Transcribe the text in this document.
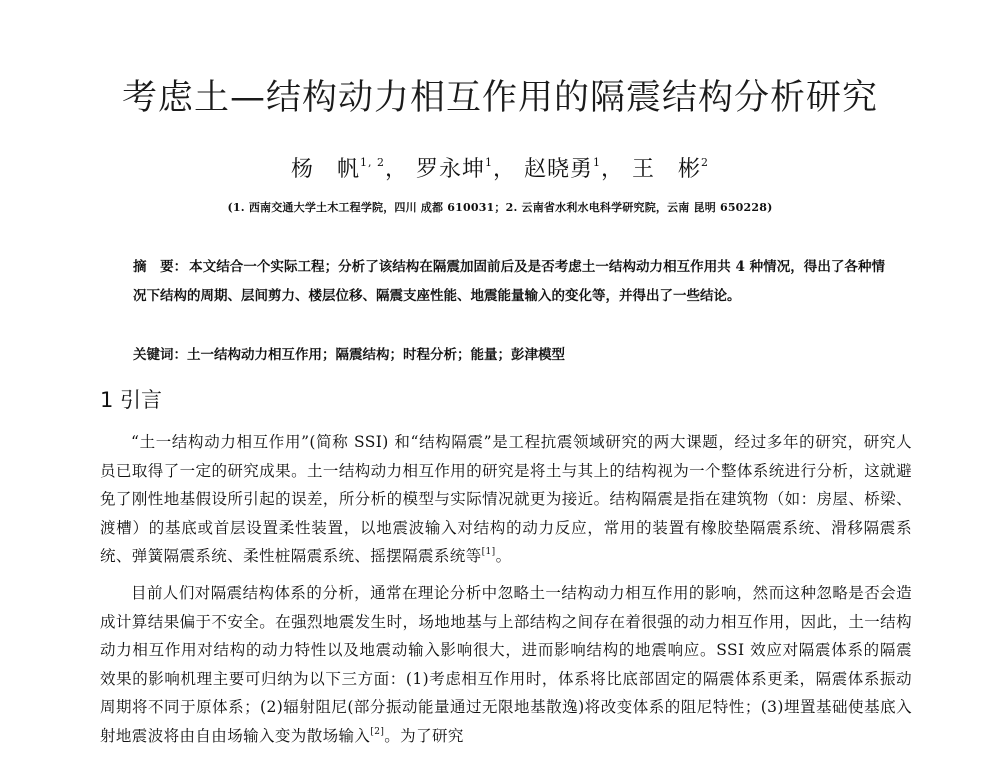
考虑土—结构动力相互作用的隔震结构分析研究

杨　帆$^{1, 2}$， 罗永坤$^1$， 赵晓勇$^1$， 王　彬$^2$

(1. 西南交通大学土木工程学院，四川 成都 610031；2. 云南省水利水电科学研究院，云南 昆明 650228)

摘　要： 本文结合一个实际工程；分析了该结构在隔震加固前后及是否考虑土一结构动力相互作用共 4 种情况，得出了各种情况下结构的周期、层间剪力、楼层位移、隔震支座性能、地震能量输入的变化等，并得出了一些结论。

关键词：土一结构动力相互作用；隔震结构；时程分析；能量；彭津模型

1 引言

“土一结构动力相互作用”(简称 SSI) 和“结构隔震”是工程抗震领域研究的两大课题，经过多年的研究，研究人员已取得了一定的研究成果。土一结构动力相互作用的研究是将土与其上的结构视为一个整体系统进行分析，这就避免了刚性地基假设所引起的误差，所分析的模型与实际情况就更为接近。结构隔震是指在建筑物（如：房屋、桥梁、渡槽）的基底或首层设置柔性装置，以地震波输入对结构的动力反应，常用的装置有橡胶垫隔震系统、滑移隔震系统、弹簧隔震系统、柔性桩隔震系统、摇摆隔震系统等[1]。

目前人们对隔震结构体系的分析，通常在理论分析中忽略土一结构动力相互作用的影响，然而这种忽略是否会造成计算结果偏于不安全。在强烈地震发生时，场地地基与上部结构之间存在着很强的动力相互作用，因此，土一结构动力相互作用对结构的动力特性以及地震动输入影响很大，进而影响结构的地震响应。SSI 效应对隔震体系的隔震效果的影响机理主要可归纳为以下三方面：(1)考虑相互作用时，体系将比底部固定的隔震体系更柔，隔震体系振动周期将不同于原体系；(2)辐射阻尼(部分振动能量通过无限地基散逸)将改变体系的阻尼特性；(3)埋置基础使基底入射地震波将由自由场输入变为散场输入[2]。为了研究
